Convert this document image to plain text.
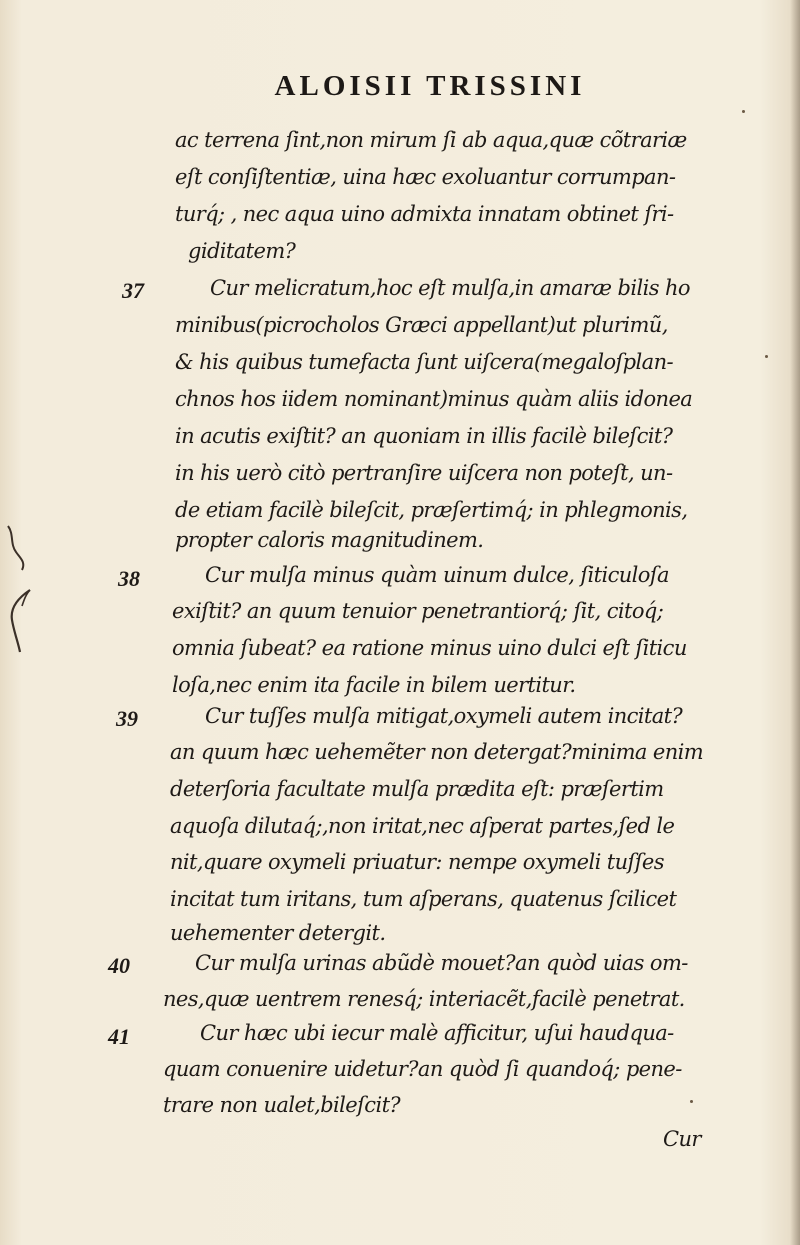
ALOISII TRISSINI
ac terrena ſint,non mirum ſi ab aqua,quæ cõtrariæ
eſt conſiſtentiæ, uina hæc exoluantur corrumpan-
turq́; , nec aqua uino admixta innatam obtinet ſri-
giditatem?
37	Cur melicratum,hoc eſt mulſa,in amaræ bilis ho
minibus(picrocholos Græci appellant)ut plurimũ,
& his quibus tumefacta ſunt uiſcera(megaloſplan-
chnos hos iidem nominant)minus quàm aliis idonea
in acutis exiſtit? an quoniam in illis facilè bileſcit?
in his uerò citò pertranſire uiſcera non poteſt, un-
de etiam facilè bileſcit, præſertimq́; in phlegmonis,
propter caloris magnitudinem.
38	Cur mulſa minus quàm uinum dulce, ſiticuloſa
exiſtit? an quum tenuior penetrantiorq́; ſit, citoq́;
omnia ſubeat? ea ratione minus uino dulci eſt ſiticu
loſa,nec enim ita facile in bilem uertitur.
39	Cur tuſſes mulſa mitigat,oxymeli autem incitat?
an quum hæc uehemẽter non detergat?minima enim
deterſoria facultate mulſa prædita eſt: præſertim
aquoſa dilutaq́;,non iritat,nec aſperat partes,ſed le
nit,quare oxymeli priuatur: nempe oxymeli tuſſes
incitat tum iritans, tum aſperans, quatenus ſcilicet
uehementer detergit.
40	Cur mulſa urinas abũdè mouet?an quòd uias om-
nes,quæ uentrem renesq́; interiacẽt,facilè penetrat.
41	Cur hæc ubi iecur malè afficitur, uſui haudqua-
quam conuenire uidetur?an quòd ſi quandoq́; pene-
trare non ualet,bileſcit?
Cur
